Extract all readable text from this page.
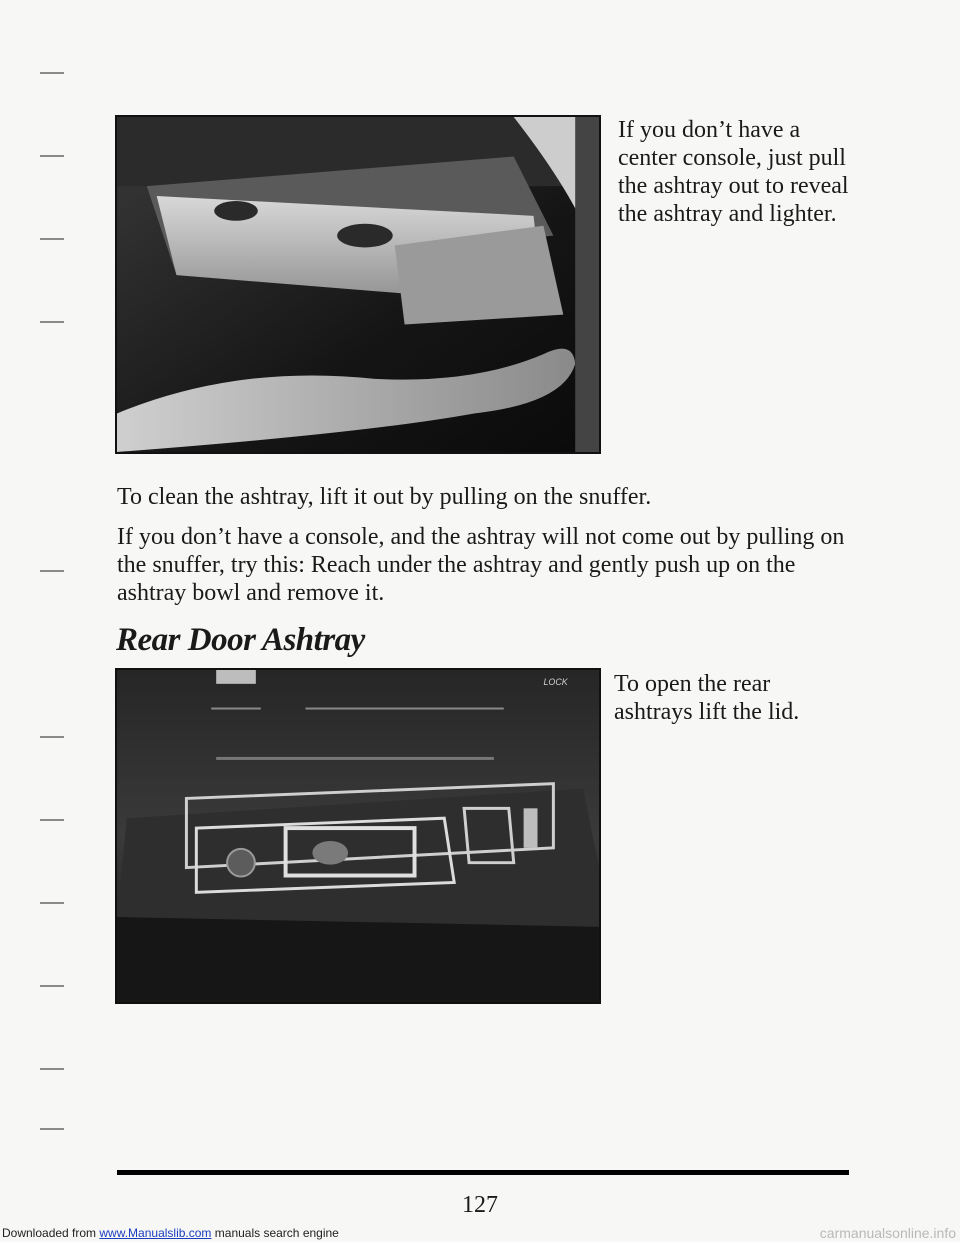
If you don’t have a center console, just pull the ashtray out to reveal the ashtray and lighter.

To clean the ashtray, lift it out by pulling on the snuffer.

If you don’t have a console, and the ashtray will not come out by pulling on the snuffer, try this: Reach under the ashtray and gently push up on the ashtray bowl and remove it.

Rear Door Ashtray
LOCK To open the rear ashtrays lift the lid.
127
Downloaded from www.Manualslib.com manuals search engine	carmanualsonline.info
